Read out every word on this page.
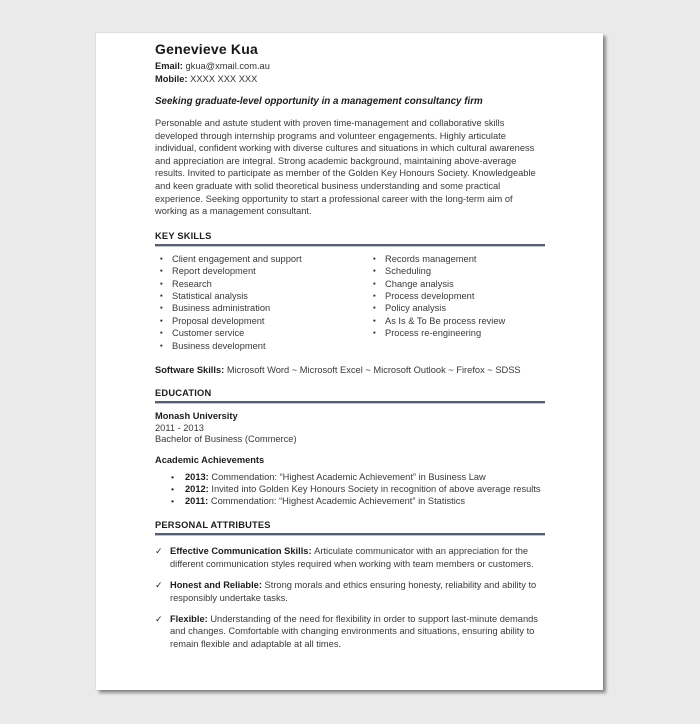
Genevieve Kua
Email: gkua@xmail.com.au
Mobile: XXXX XXX XXX
Seeking graduate-level opportunity in a management consultancy firm
Personable and astute student with proven time-management and collaborative skills developed through internship programs and volunteer engagements. Highly articulate individual, confident working with diverse cultures and situations in which cultural awareness and appreciation are integral. Strong academic background, maintaining above-average results. Invited to participate as member of the Golden Key Honours Society. Knowledgeable and keen graduate with solid theoretical business understanding and some practical experience. Seeking opportunity to start a professional career with the long-term aim of working as a management consultant.
KEY SKILLS
▪	Client engagement and support
▪	Report development
▪	Research
▪	Statistical analysis
▪	Business administration
▪	Proposal development
▪	Customer service
▪	Business development
▪	Records management
▪	Scheduling
▪	Change analysis
▪	Process development
▪	Policy analysis
▪	As Is & To Be process review
▪	Process re-engineering
Software Skills: Microsoft Word ~ Microsoft Excel ~ Microsoft Outlook ~ Firefox ~ SDSS
EDUCATION
Monash University
2011 - 2013
Bachelor of Business (Commerce)
Academic Achievements
•	2013: Commendation: “Highest Academic Achievement” in Business Law
•	2012: Invited into Golden Key Honours Society in recognition of above average results
•	2011: Commendation: “Highest Academic Achievement” in Statistics
PERSONAL ATTRIBUTES
✓ Effective Communication Skills: Articulate communicator with an appreciation for the different communication styles required when working with team members or customers.
✓ Honest and Reliable: Strong morals and ethics ensuring honesty, reliability and ability to responsibly undertake tasks.
✓ Flexible: Understanding of the need for flexibility in order to support last-minute demands and changes. Comfortable with changing environments and situations, ensuring ability to remain flexible and adaptable at all times.
